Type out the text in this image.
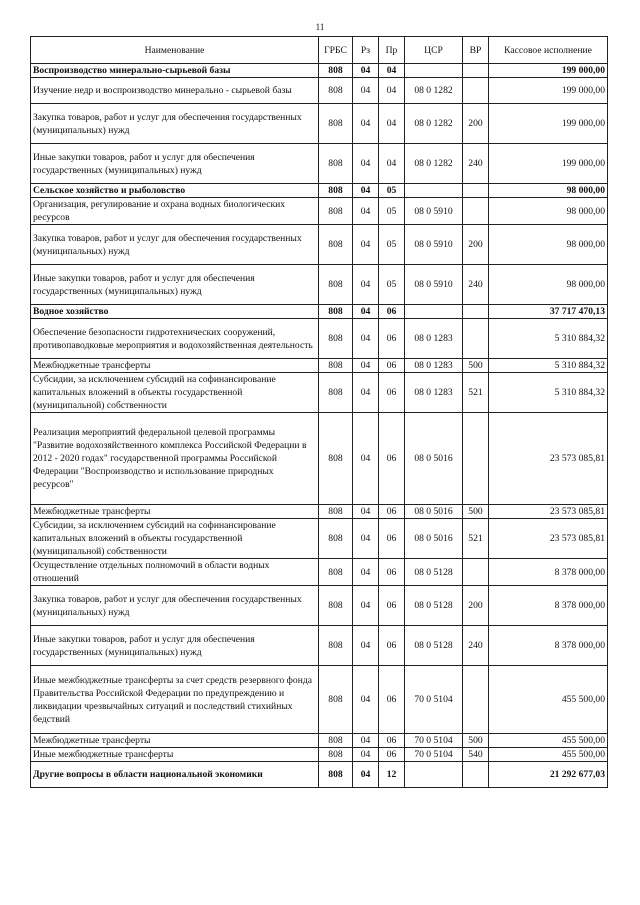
11
Наименование	ГРБС	Рз	Пр	ЦСР	ВР	Кассовое исполнение
Воспроизводство минерально-сырьевой базы	808	04	04			199 000,00
Изучение недр и воспроизводство минерально - сырьевой базы	808	04	04	08 0 1282		199 000,00
Закупка товаров, работ и услуг для обеспечения государственных (муниципальных) нужд	808	04	04	08 0 1282	200	199 000,00
Иные закупки товаров, работ и услуг для обеспечения государственных (муниципальных) нужд	808	04	04	08 0 1282	240	199 000,00
Сельское хозяйство и рыболовство	808	04	05			98 000,00
Организация, регулирование и охрана водных биологических ресурсов	808	04	05	08 0 5910		98 000,00
Закупка товаров, работ и услуг для обеспечения государственных (муниципальных) нужд	808	04	05	08 0 5910	200	98 000,00
Иные закупки товаров, работ и услуг для обеспечения государственных (муниципальных) нужд	808	04	05	08 0 5910	240	98 000,00
Водное хозяйство	808	04	06			37 717 470,13
Обеспечение безопасности гидротехнических сооружений, противопаводковые мероприятия и водохозяйственная деятельность	808	04	06	08 0 1283		5 310 884,32
Межбюджетные трансферты	808	04	06	08 0 1283	500	5 310 884,32
Субсидии, за исключением субсидий на софинансирование капитальных вложений в объекты государственной (муниципальной) собственности	808	04	06	08 0 1283	521	5 310 884,32
Реализация мероприятий федеральной целевой программы "Развитие водохозяйственного комплекса Российской Федерации в 2012 - 2020 годах" государственной программы Российской Федерации "Воспроизводство и использование природных ресурсов"	808	04	06	08 0 5016		23 573 085,81
Межбюджетные трансферты	808	04	06	08 0 5016	500	23 573 085,81
Субсидии, за исключением субсидий на софинансирование капитальных вложений в объекты государственной (муниципальной) собственности	808	04	06	08 0 5016	521	23 573 085,81
Осуществление отдельных полномочий в области водных отношений	808	04	06	08 0 5128		8 378 000,00
Закупка товаров, работ и услуг для обеспечения государственных (муниципальных) нужд	808	04	06	08 0 5128	200	8 378 000,00
Иные закупки товаров, работ и услуг для обеспечения государственных (муниципальных) нужд	808	04	06	08 0 5128	240	8 378 000,00
Иные межбюджетные трансферты за счет средств резервного фонда Правительства Российской Федерации по предупреждению и ликвидации чрезвычайных ситуаций и последствий стихийных бедствий	808	04	06	70 0 5104		455 500,00
Межбюджетные трансферты	808	04	06	70 0 5104	500	455 500,00
Иные межбюджетные трансферты	808	04	06	70 0 5104	540	455 500,00
Другие вопросы в области национальной экономики	808	04	12			21 292 677,03
